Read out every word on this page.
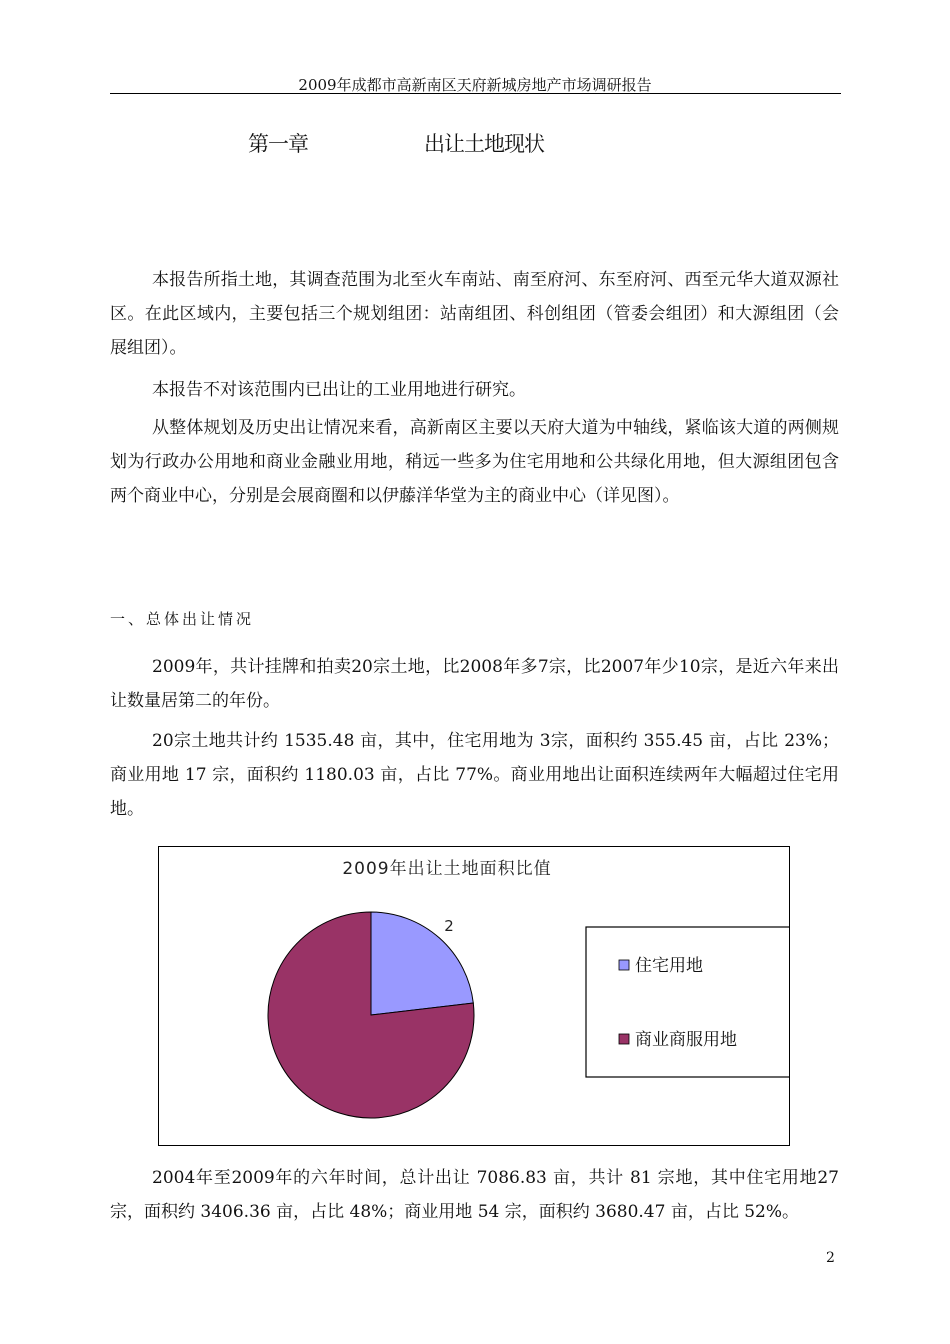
2009年成都市高新南区天府新城房地产市场调研报告
第一章	出让土地现状

本报告所指土地，其调查范围为北至火车南站、南至府河、东至府河、西至元华大道双源社区。在此区域内，主要包括三个规划组团：站南组团、科创组团（管委会组团）和大源组团（会展组团）。

本报告不对该范围内已出让的工业用地进行研究。

从整体规划及历史出让情况来看，高新南区主要以天府大道为中轴线，紧临该大道的两侧规划为行政办公用地和商业金融业用地，稍远一些多为住宅用地和公共绿化用地，但大源组团包含两个商业中心，分别是会展商圈和以伊藤洋华堂为主的商业中心（详见图）。

一、总体出让情况

2009年，共计挂牌和拍卖20宗土地，比2008年多7宗，比2007年少10宗，是近六年来出让数量居第二的年份。

20宗土地共计约 1535.48 亩，其中，住宅用地为 3宗，面积约 355.45 亩，占比 23%；商业用地 17 宗，面积约 1180.03 亩，占比 77%。商业用地出让面积连续两年大幅超过住宅用地。

2009年出让土地面积比值
2
住宅用地
商业商服用地

2004年至2009年的六年时间，总计出让 7086.83 亩，共计 81 宗地，其中住宅用地27 宗，面积约 3406.36 亩，占比 48%；商业用地 54 宗，面积约 3680.47 亩，占比 52%。

2
